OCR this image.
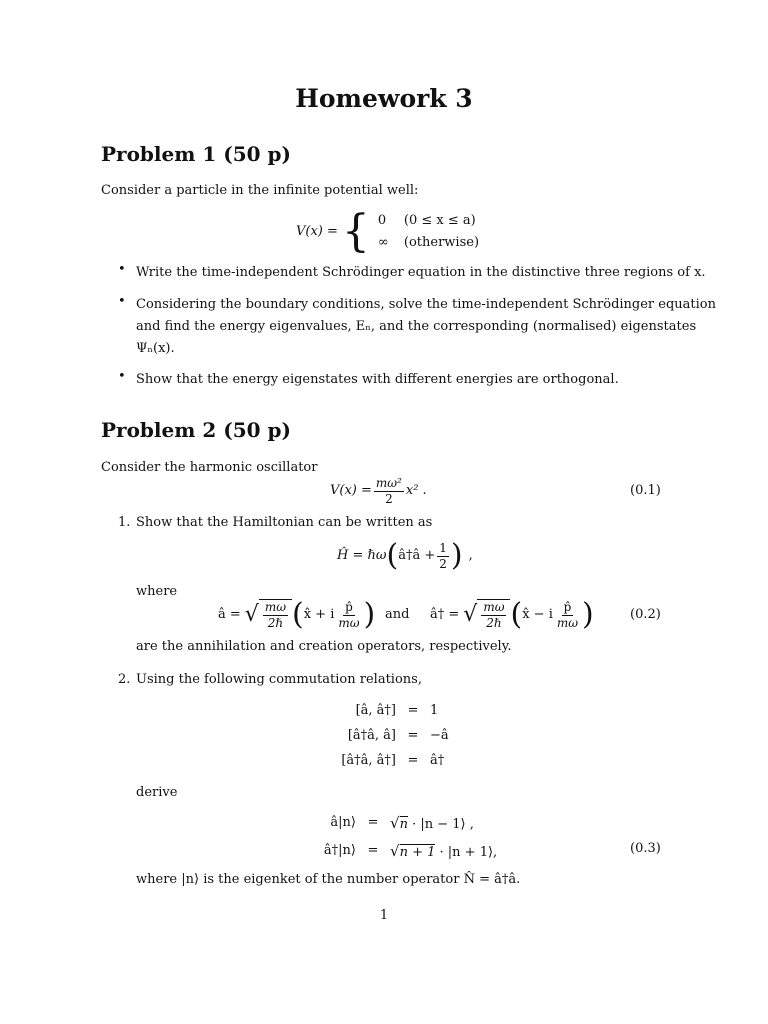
Homework 3
Problem 1 (50 p)
Consider a particle in the infinite potential well:
V(x) = { 0	(0 ≤ x ≤ a)
∞	(otherwise)
• Write the time-independent Schrödinger equation in the distinctive three regions of x.
• Considering the boundary conditions, solve the time-independent Schrödinger equation
and find the energy eigenvalues, Eₙ, and the corresponding (normalised) eigenstates
Ψₙ(x).
• Show that the energy eigenstates with different energies are orthogonal.
Problem 2 (50 p)
Consider the harmonic oscillator
$V(x) = \frac{\text{mω²}}{2} x^2$ .	(0.1)
1. Show that the Hamiltonian can be written as
Ĥ = ℏω ( â†â + $\frac{1}{2}$ ) ,
where
â = √ $\frac{m\omega}{\text{2ℏ}}$ ( x̂ + i $\frac{p̂}{m\omega}$ ) and â† = √ $\frac{m\omega}{\text{2ℏ}}$ ( x̂ − i $\frac{p̂}{m\omega}$ )	(0.2)
are the annihilation and creation operators, respectively.
2. Using the following commutation relations,
[â, â†] = 1
[â†â, â] = −â
[â†â, â†] = â†
derive
â|n⟩ = √n · |n − 1⟩ ,
â†|n⟩ = √n + 1 · |n + 1⟩,	(0.3)
where |n⟩ is the eigenket of the number operator N̂ = â†â.
1
